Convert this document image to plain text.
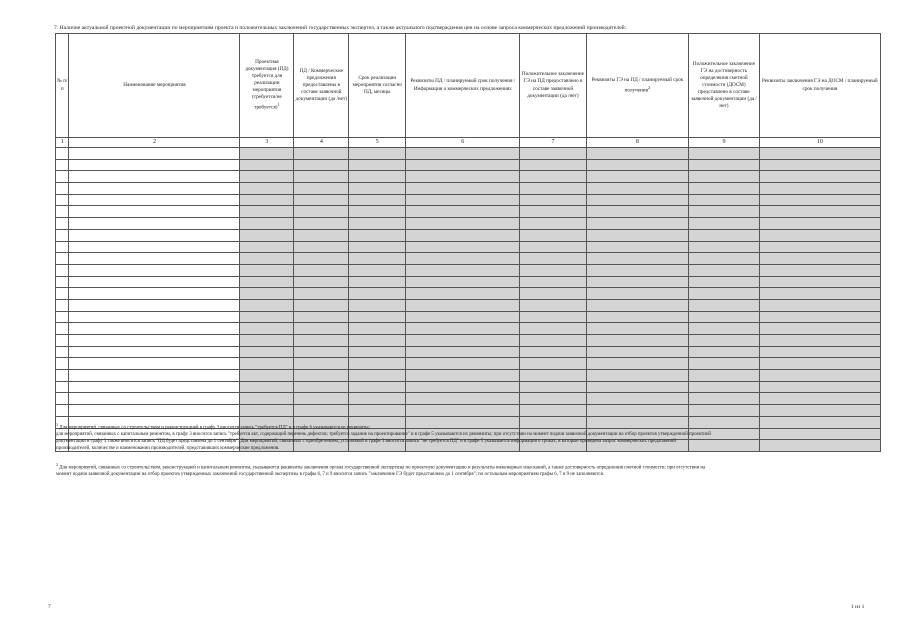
7. Наличие актуальной проектной документации по мероприятиям проекта и положительных заключений государственных экспертиз, а также актуального подтверждения цен на основе запроса коммерческих предложений производителей:
№ п/п	Наименование мероприятия	Проектная документация (ПД) требуется для реализации мероприятия (требуется/не требуется)$^1$	ПД / Коммерческие предложения предоставлены в составе заявочной документации (да /нет)	Срок реализации мероприятия согласно ПД, месяцы	Реквизиты ПД / планируемый срок получения / Информация о коммерческих предложениях	Положительное заключение ГЭ на ПД предоставлено в составе заявочной документации (да /нет)	Реквизиты ГЭ на ПД / планируемый срок получения$^2$	Положительное заключение ГЭ на достоверность определения сметной стоимости (ДОСМ) представлено в составе заявочной документации (да / нет)	Реквизиты заключения ГЭ на ДОСМ / планируемый срок получения
1	2	3	4	5	6	7	8	9	10

$^1$ Для мероприятий, связанных со строительством и реконструкцией в графу 3 вносится запись "требуется ПД" и в графе 6 указываются ее реквизиты;
для мероприятий, связанных с капитальным ремонтом, в графу 3 вносится запись "требуется акт, содержащий перечень дефектов; требуется задание на проектирование" и в графе 5 указываются их реквизиты; при отсутствии на момент подачи заявочной документации на отбор проектов утвержденной проектной
документации в графу 3 также вносится запись "ПД будет представлена до 1 сентября". Для мероприятий, связанных с приобретением, установкой в графе 3 вносится запись "не требуется ПД" и в графе 5 указывается информация о сроках, в которые проведена запрос коммерческих предложений
производителей, количестве и наименовании производителей, представивших коммерческие предложения.
$^2$ Для мероприятий, связанных со строительством, реконструкцией и капитальным ремонтом, указываются реквизиты заключения органа государственной экспертизы по проектную документацию и результаты инженерных изысканий, а также достоверность определения сметной стоимости; при отсутствии на
момент подачи заявочной документации на отбор проектов утвержденных заключений государственной экспертизы в графы 6, 7 и 9 вносится запись "заключение ГЭ будет представлено до 1 сентября"; по остальным мероприятиям графы 6, 7 и 9 не заполняются.
7	1 из 1
